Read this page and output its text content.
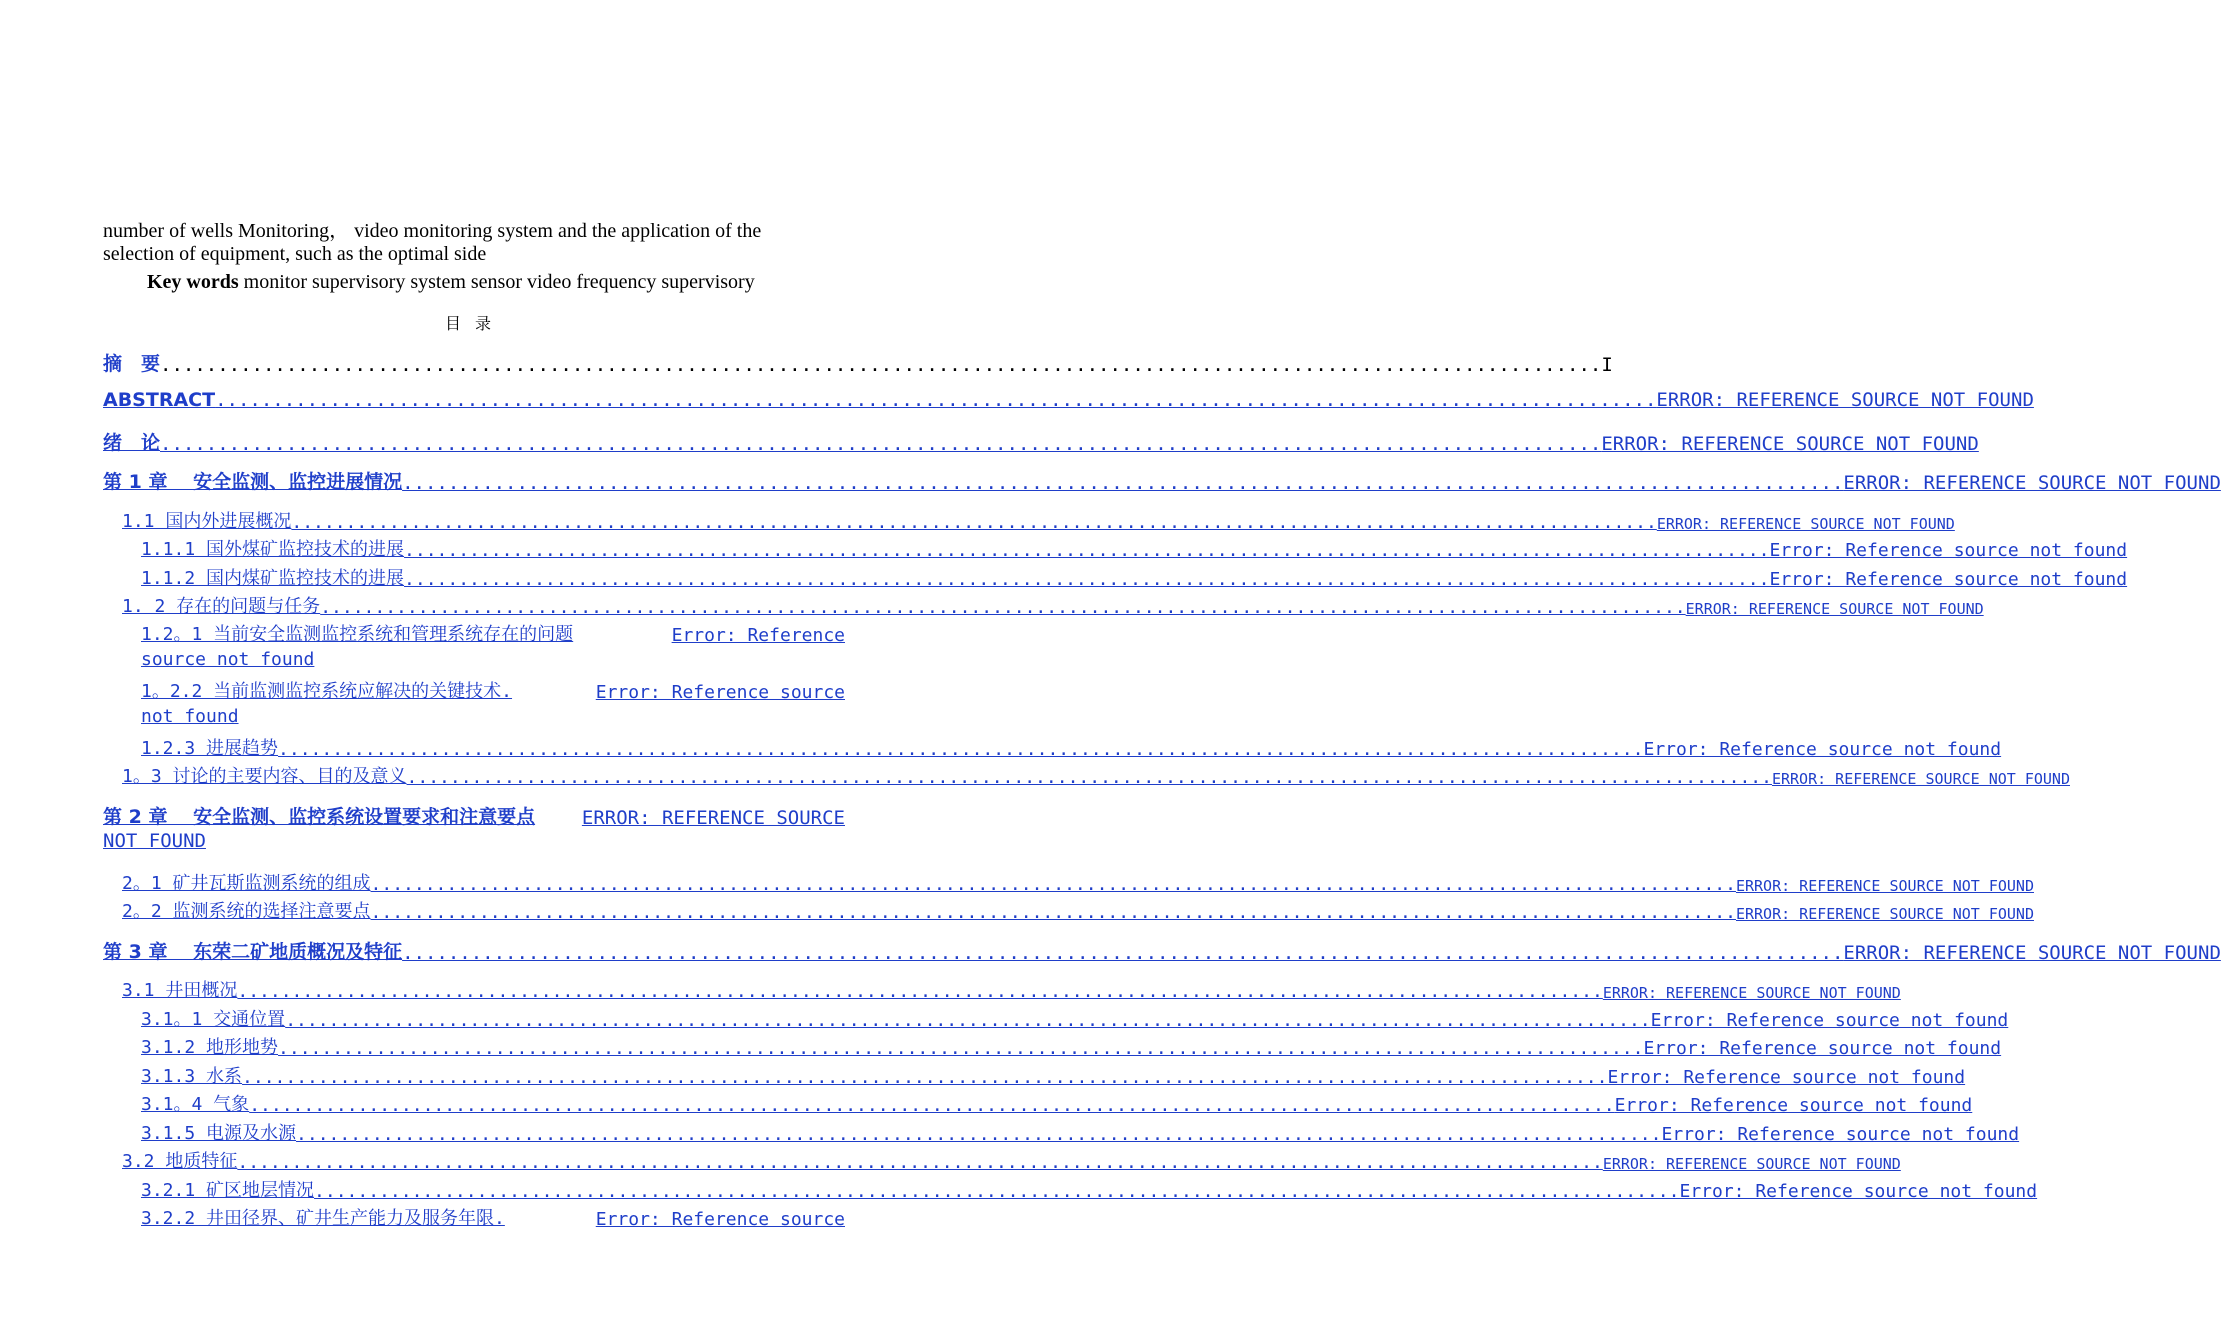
number of wells Monitoring， video monitoring system and the application of the
selection of equipment, such as the optimal side
Key words monitor supervisory system sensor video frequency supervisory
目录
摘　要 .............................................................................................................................. I
ABSTRACT .............................................................................................................................. ERROR: REFERENCE SOURCE NOT FOUND
绪　论 .............................................................................................................................. ERROR: REFERENCE SOURCE NOT FOUND
第 1 章　 安全监测、监控进展情况 .............................................................................................................................. ERROR: REFERENCE SOURCE NOT FOUND
1.1 国内外进展概况 .............................................................................................................................. ERROR: REFERENCE SOURCE NOT FOUND
1.1.1 国外煤矿监控技术的进展 .............................................................................................................................. Error: Reference source not found
1.1.2 国内煤矿监控技术的进展 .............................................................................................................................. Error: Reference source not found
1. 2 存在的问题与任务 .............................................................................................................................. ERROR: REFERENCE SOURCE NOT FOUND
1.2。1 当前安全监测监控系统和管理系统存在的问题	Error: Reference
source not found
1。2.2 当前监测监控系统应解决的关键技术.	Error: Reference source
not found
1.2.3 进展趋势 .............................................................................................................................. Error: Reference source not found
1。3 讨论的主要内容、目的及意义 .............................................................................................................................. ERROR: REFERENCE SOURCE NOT FOUND
第 2 章　 安全监测、监控系统设置要求和注意要点 ERROR: REFERENCE SOURCE
NOT FOUND
2。1 矿井瓦斯监测系统的组成 .............................................................................................................................. ERROR: REFERENCE SOURCE NOT FOUND
2。2 监测系统的选择注意要点 .............................................................................................................................. ERROR: REFERENCE SOURCE NOT FOUND
第 3 章　 东荣二矿地质概况及特征 .............................................................................................................................. ERROR: REFERENCE SOURCE NOT FOUND
3.1 井田概况 .............................................................................................................................. ERROR: REFERENCE SOURCE NOT FOUND
3.1。1 交通位置 .............................................................................................................................. Error: Reference source not found
3.1.2 地形地势 .............................................................................................................................. Error: Reference source not found
3.1.3 水系 .............................................................................................................................. Error: Reference source not found
3.1。4 气象 .............................................................................................................................. Error: Reference source not found
3.1.5 电源及水源 .............................................................................................................................. Error: Reference source not found
3.2 地质特征 .............................................................................................................................. ERROR: REFERENCE SOURCE NOT FOUND
3.2.1 矿区地层情况 .............................................................................................................................. Error: Reference source not found
3.2.2 井田径界、矿井生产能力及服务年限.	Error: Reference source
